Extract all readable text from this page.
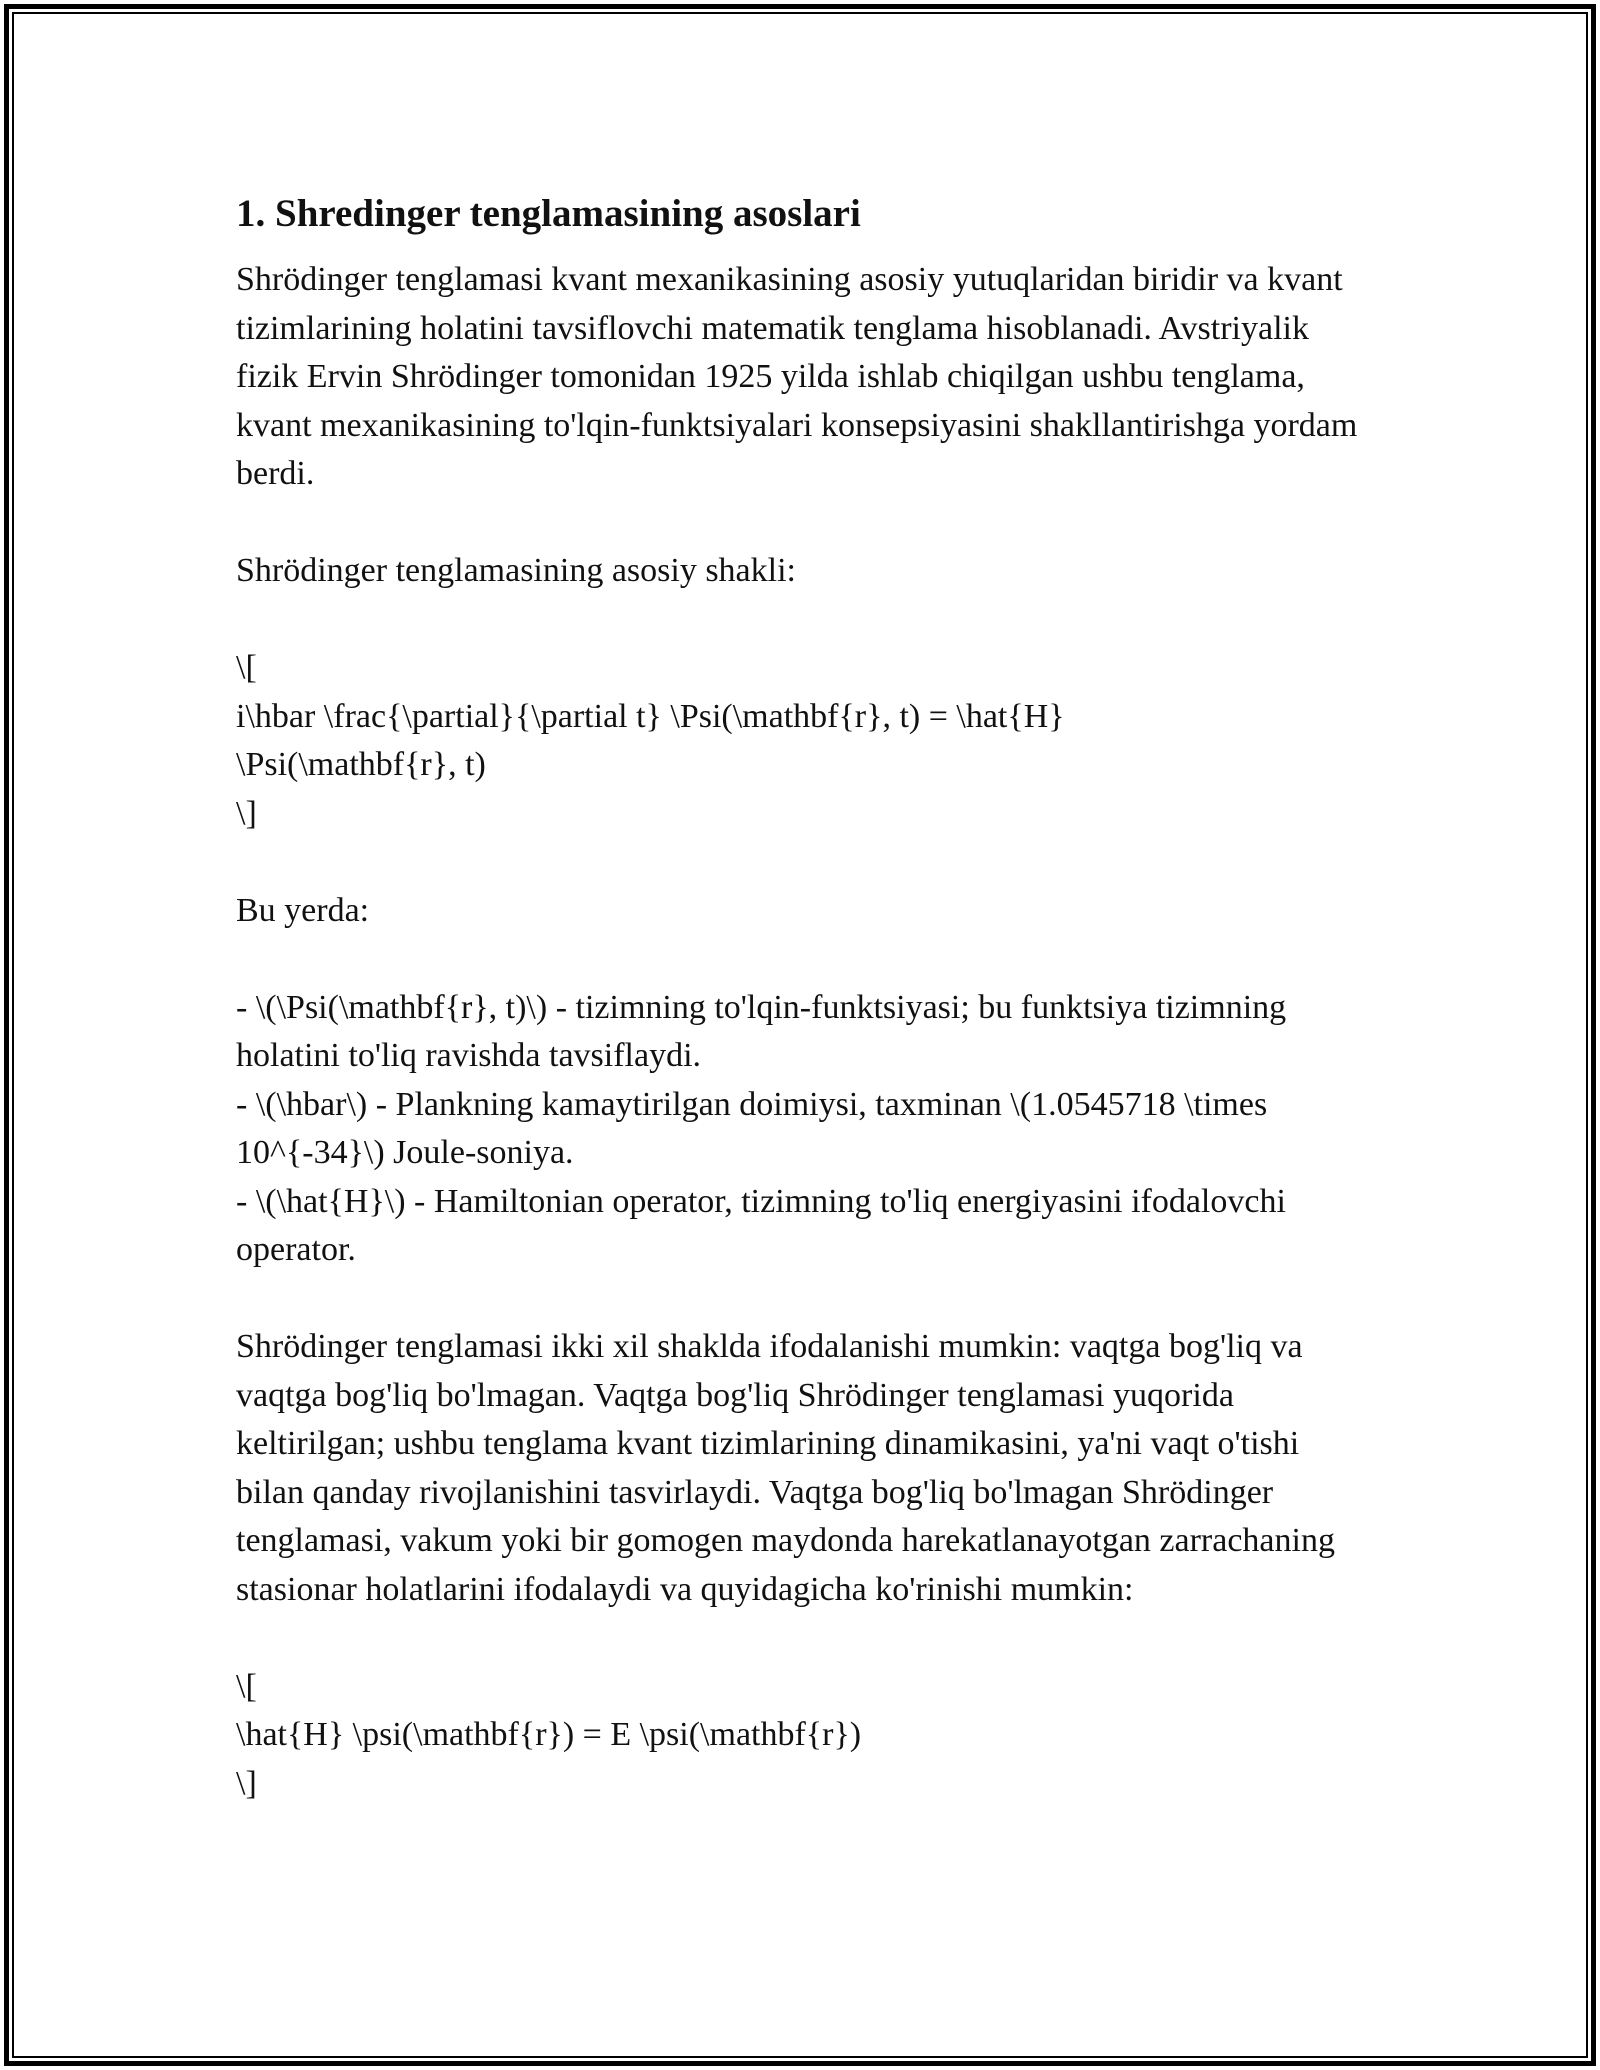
1. Shredinger tenglamasining asoslari

Shrödinger tenglamasi kvant mexanikasining asosiy yutuqlaridan biridir va kvant tizimlarining holatini tavsiflovchi matematik tenglama hisoblanadi. Avstriyalik fizik Ervin Shrödinger tomonidan 1925 yilda ishlab chiqilgan ushbu tenglama, kvant mexanikasining to'lqin-funktsiyalari konsepsiyasini shakllantirishga yordam berdi.

Shrödinger tenglamasining asosiy shakli:

\[

i\hbar \frac{\partial}{\partial t} \Psi(\mathbf{r}, t) = \hat{H}

\Psi(\mathbf{r}, t)

\]

Bu yerda:

- \(\Psi(\mathbf{r}, t)\) - tizimning to'lqin-funktsiyasi; bu funktsiya tizimning holatini to'liq ravishda tavsiflaydi.

- \(\hbar\) - Plankning kamaytirilgan doimiysi, taxminan \(1.0545718 \times 10^{-34}\) Joule-soniya.

- \(\hat{H}\) - Hamiltonian operator, tizimning to'liq energiyasini ifodalovchi operator.

Shrödinger tenglamasi ikki xil shaklda ifodalanishi mumkin: vaqtga bog'liq va vaqtga bog'liq bo'lmagan. Vaqtga bog'liq Shrödinger tenglamasi yuqorida keltirilgan; ushbu tenglama kvant tizimlarining dinamikasini, ya'ni vaqt o'tishi bilan qanday rivojlanishini tasvirlaydi. Vaqtga bog'liq bo'lmagan Shrödinger tenglamasi, vakum yoki bir gomogen maydonda harekatlanayotgan zarrachaning stasionar holatlarini ifodalaydi va quyidagicha ko'rinishi mumkin:

\[

\hat{H} \psi(\mathbf{r}) = E \psi(\mathbf{r})

\]
